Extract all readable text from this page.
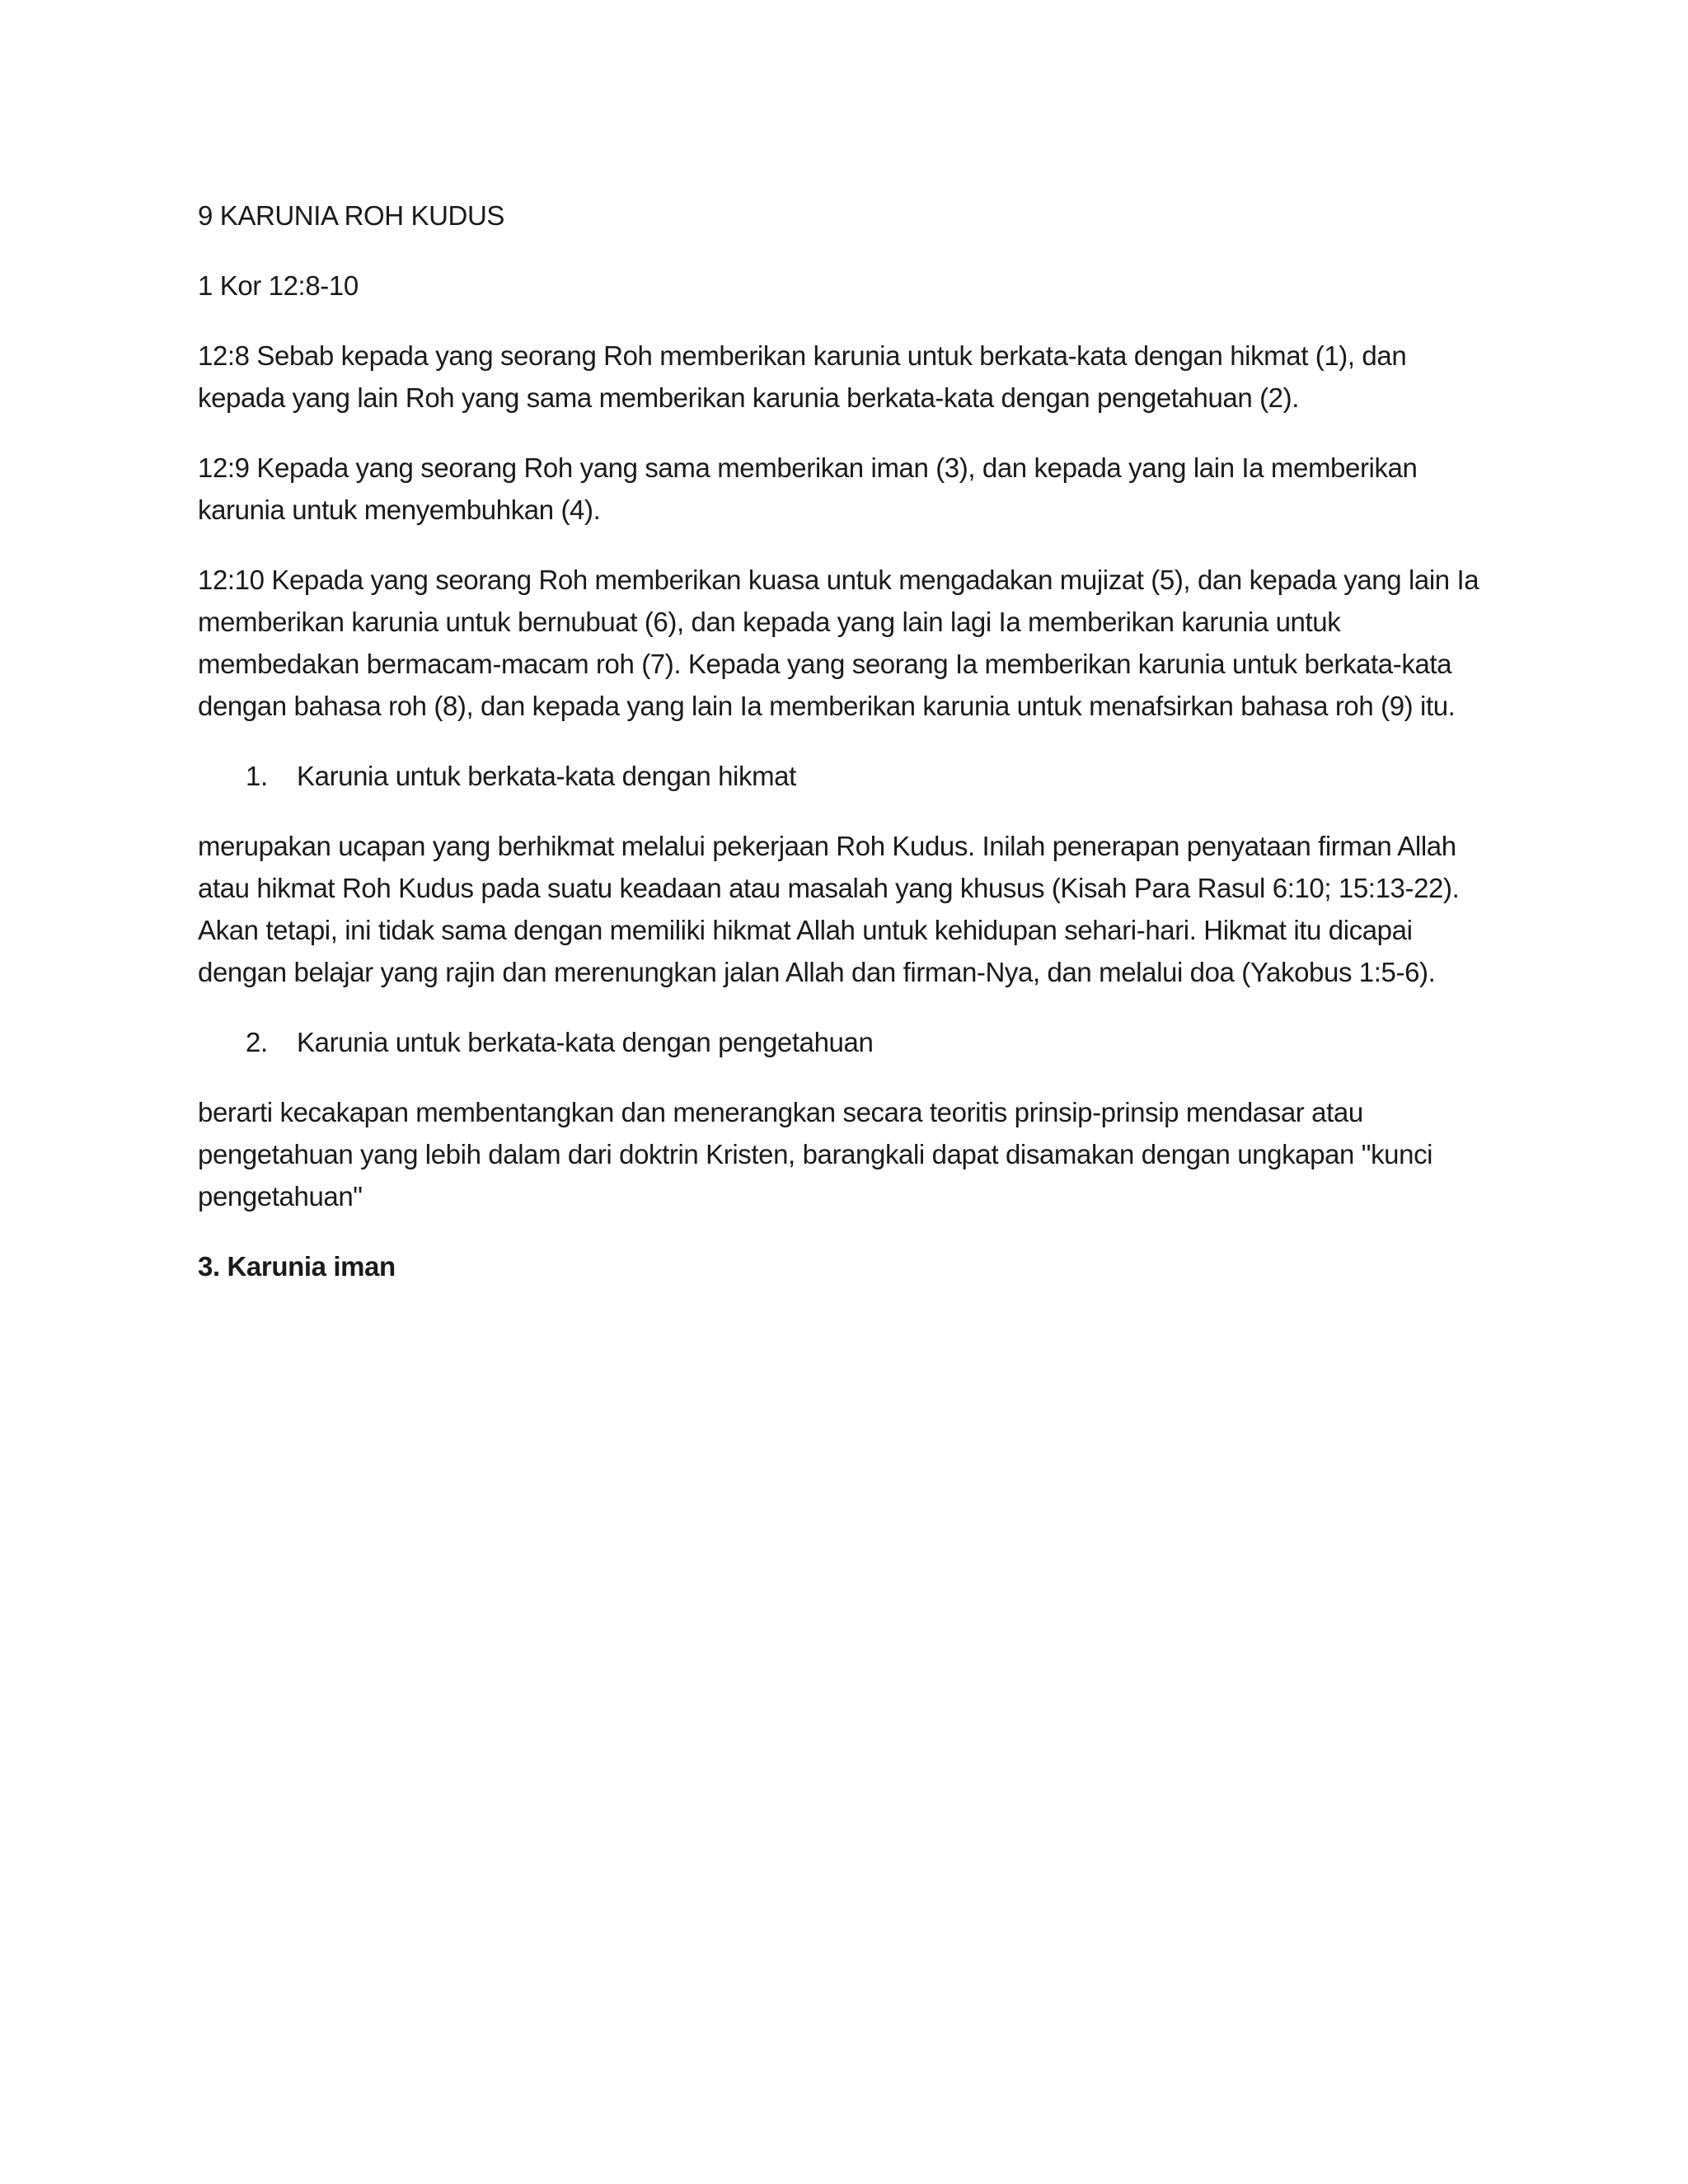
9 KARUNIA ROH KUDUS

1 Kor 12:8-10

12:8 Sebab kepada yang seorang Roh memberikan karunia untuk berkata-kata dengan hikmat (1), dan kepada yang lain Roh yang sama memberikan karunia berkata-kata dengan pengetahuan (2).

12:9 Kepada yang seorang Roh yang sama memberikan iman (3), dan kepada yang lain Ia memberikan karunia untuk menyembuhkan (4).

12:10 Kepada yang seorang Roh memberikan kuasa untuk mengadakan mujizat (5), dan kepada yang lain Ia memberikan karunia untuk bernubuat (6), dan kepada yang lain lagi Ia memberikan karunia untuk membedakan bermacam-macam roh (7). Kepada yang seorang Ia memberikan karunia untuk berkata-kata dengan bahasa roh (8), dan kepada yang lain Ia memberikan karunia untuk menafsirkan bahasa roh (9) itu.

1.	Karunia untuk berkata-kata dengan hikmat

merupakan ucapan yang berhikmat melalui pekerjaan Roh Kudus. Inilah penerapan penyataan firman Allah atau hikmat Roh Kudus pada suatu keadaan atau masalah yang khusus (Kisah Para Rasul 6:10; 15:13-22). Akan tetapi, ini tidak sama dengan memiliki hikmat Allah untuk kehidupan sehari-hari. Hikmat itu dicapai dengan belajar yang rajin dan merenungkan jalan Allah dan firman-Nya, dan melalui doa (Yakobus 1:5-6).

2.	Karunia untuk berkata-kata dengan pengetahuan

berarti kecakapan membentangkan dan menerangkan secara teoritis prinsip-prinsip mendasar atau pengetahuan yang lebih dalam dari doktrin Kristen, barangkali dapat disamakan dengan ungkapan "kunci pengetahuan"

3. Karunia iman
